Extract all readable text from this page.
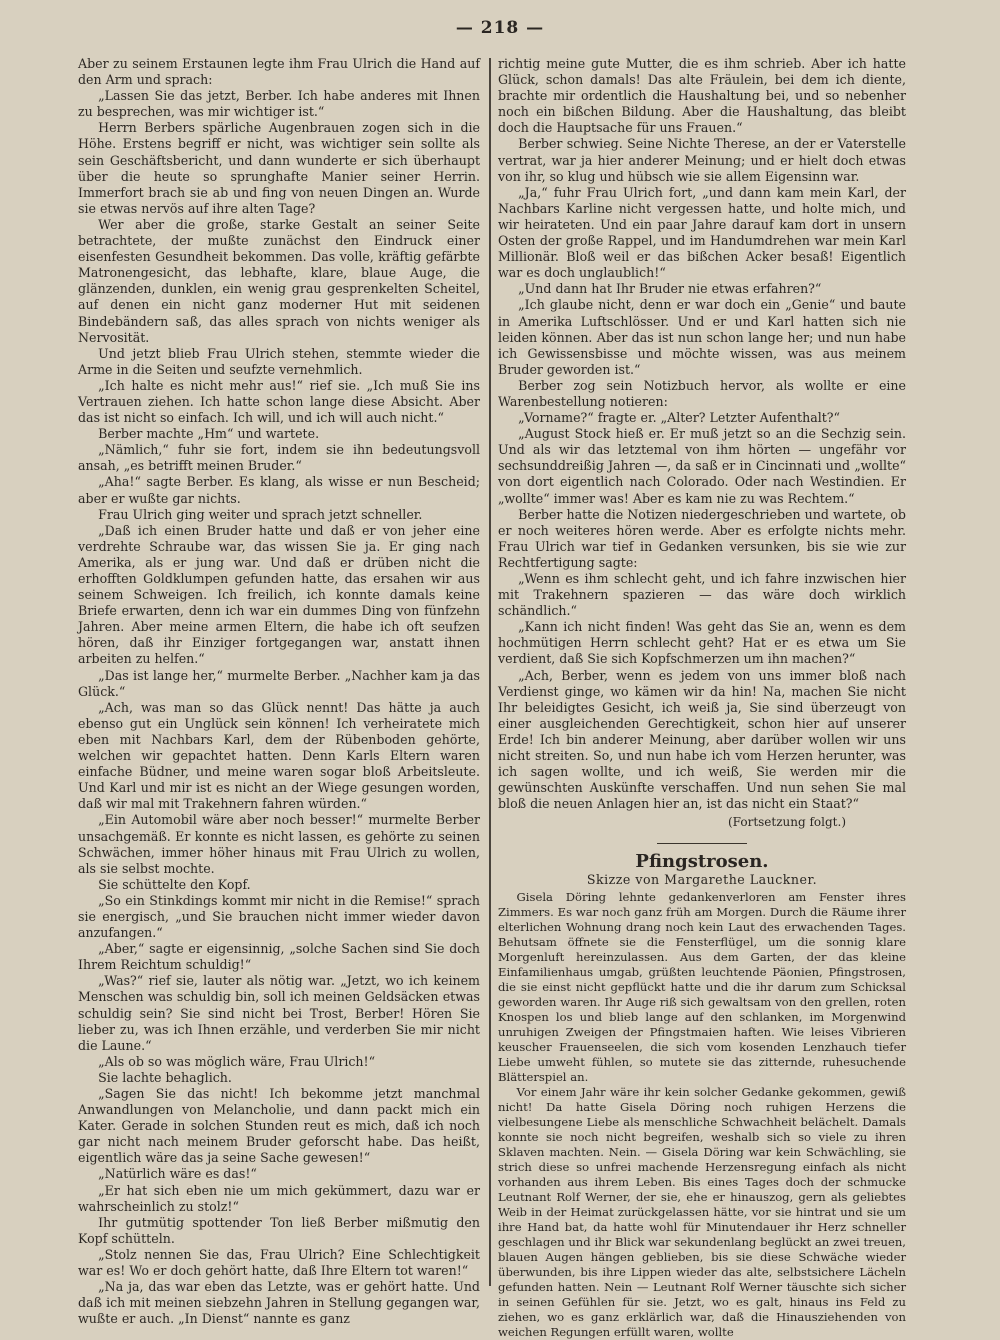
— 218 —

Aber zu seinem Erstaunen legte ihm Frau Ulrich die Hand auf den Arm und sprach:

„Lassen Sie das jetzt, Berber. Ich habe anderes mit Ihnen zu besprechen, was mir wichtiger ist.“

Herrn Berbers spärliche Augenbrauen zogen sich in die Höhe. Erstens begriff er nicht, was wichtiger sein sollte als sein Geschäftsbericht, und dann wunderte er sich überhaupt über die heute so sprunghafte Manier seiner Herrin. Immerfort brach sie ab und fing von neuen Dingen an. Wurde sie etwas nervös auf ihre alten Tage?

Wer aber die große, starke Gestalt an seiner Seite betrachtete, der mußte zunächst den Eindruck einer eisenfesten Gesundheit bekommen. Das volle, kräftig gefärbte Matronengesicht, das lebhafte, klare, blaue Auge, die glänzenden, dunklen, ein wenig grau gesprenkelten Scheitel, auf denen ein nicht ganz moderner Hut mit seidenen Bindebändern saß, das alles sprach von nichts weniger als Nervosität.

Und jetzt blieb Frau Ulrich stehen, stemmte wieder die Arme in die Seiten und seufzte vernehmlich.

„Ich halte es nicht mehr aus!“ rief sie. „Ich muß Sie ins Vertrauen ziehen. Ich hatte schon lange diese Absicht. Aber das ist nicht so einfach. Ich will, und ich will auch nicht.“

Berber machte „Hm“ und wartete.

„Nämlich,“ fuhr sie fort, indem sie ihn bedeutungsvoll ansah, „es betrifft meinen Bruder.“

„Aha!“ sagte Berber. Es klang, als wisse er nun Bescheid; aber er wußte gar nichts.

Frau Ulrich ging weiter und sprach jetzt schneller.

„Daß ich einen Bruder hatte und daß er von jeher eine verdrehte Schraube war, das wissen Sie ja. Er ging nach Amerika, als er jung war. Und daß er drüben nicht die erhofften Goldklumpen gefunden hatte, das ersahen wir aus seinem Schweigen. Ich freilich, ich konnte damals keine Briefe erwarten, denn ich war ein dummes Ding von fünfzehn Jahren. Aber meine armen Eltern, die habe ich oft seufzen hören, daß ihr Einziger fortgegangen war, anstatt ihnen arbeiten zu helfen.“

„Das ist lange her,“ murmelte Berber. „Nachher kam ja das Glück.“

„Ach, was man so das Glück nennt! Das hätte ja auch ebenso gut ein Unglück sein können! Ich verheiratete mich eben mit Nachbars Karl, dem der Rübenboden gehörte, welchen wir gepachtet hatten. Denn Karls Eltern waren einfache Büdner, und meine waren sogar bloß Arbeitsleute. Und Karl und mir ist es nicht an der Wiege gesungen worden, daß wir mal mit Trakehnern fahren würden.“

„Ein Automobil wäre aber noch besser!“ murmelte Berber unsachgemäß. Er konnte es nicht lassen, es gehörte zu seinen Schwächen, immer höher hinaus mit Frau Ulrich zu wollen, als sie selbst mochte.

Sie schüttelte den Kopf.

„So ein Stinkdings kommt mir nicht in die Remise!“ sprach sie energisch, „und Sie brauchen nicht immer wieder davon anzufangen.“

„Aber,“ sagte er eigensinnig, „solche Sachen sind Sie doch Ihrem Reichtum schuldig!“

„Was?“ rief sie, lauter als nötig war. „Jetzt, wo ich keinem Menschen was schuldig bin, soll ich meinen Geldsäcken etwas schuldig sein? Sie sind nicht bei Trost, Berber! Hören Sie lieber zu, was ich Ihnen erzähle, und verderben Sie mir nicht die Laune.“

„Als ob so was möglich wäre, Frau Ulrich!“

Sie lachte behaglich.

„Sagen Sie das nicht! Ich bekomme jetzt manchmal Anwandlungen von Melancholie, und dann packt mich ein Kater. Gerade in solchen Stunden reut es mich, daß ich noch gar nicht nach meinem Bruder geforscht habe. Das heißt, eigentlich wäre das ja seine Sache gewesen!“

„Natürlich wäre es das!“

„Er hat sich eben nie um mich gekümmert, dazu war er wahrscheinlich zu stolz!“

Ihr gutmütig spottender Ton ließ Berber mißmutig den Kopf schütteln.

„Stolz nennen Sie das, Frau Ulrich? Eine Schlechtigkeit war es! Wo er doch gehört hatte, daß Ihre Eltern tot waren!“

„Na ja, das war eben das Letzte, was er gehört hatte. Und daß ich mit meinen siebzehn Jahren in Stellung gegangen war, wußte er auch. „In Dienst“ nannte es ganz

richtig meine gute Mutter, die es ihm schrieb. Aber ich hatte Glück, schon damals! Das alte Fräulein, bei dem ich diente, brachte mir ordentlich die Haushaltung bei, und so nebenher noch ein bißchen Bildung. Aber die Haushaltung, das bleibt doch die Hauptsache für uns Frauen.“

Berber schwieg. Seine Nichte Therese, an der er Vaterstelle vertrat, war ja hier anderer Meinung; und er hielt doch etwas von ihr, so klug und hübsch wie sie allem Eigensinn war.

„Ja,“ fuhr Frau Ulrich fort, „und dann kam mein Karl, der Nachbars Karline nicht vergessen hatte, und holte mich, und wir heirateten. Und ein paar Jahre darauf kam dort in unsern Osten der große Rappel, und im Handumdrehen war mein Karl Millionär. Bloß weil er das bißchen Acker besaß! Eigentlich war es doch unglaublich!“

„Und dann hat Ihr Bruder nie etwas erfahren?“

„Ich glaube nicht, denn er war doch ein „Genie“ und baute in Amerika Luftschlösser. Und er und Karl hatten sich nie leiden können. Aber das ist nun schon lange her; und nun habe ich Gewissensbisse und möchte wissen, was aus meinem Bruder geworden ist.“

Berber zog sein Notizbuch hervor, als wollte er eine Warenbestellung notieren:

„Vorname?“ fragte er. „Alter? Letzter Aufenthalt?“

„August Stock hieß er. Er muß jetzt so an die Sechzig sein. Und als wir das letztemal von ihm hörten — ungefähr vor sechsunddreißig Jahren —, da saß er in Cincinnati und „wollte“ von dort eigentlich nach Colorado. Oder nach Westindien. Er „wollte“ immer was! Aber es kam nie zu was Rechtem.“

Berber hatte die Notizen niedergeschrieben und wartete, ob er noch weiteres hören werde. Aber es erfolgte nichts mehr. Frau Ulrich war tief in Gedanken versunken, bis sie wie zur Rechtfertigung sagte:

„Wenn es ihm schlecht geht, und ich fahre inzwischen hier mit Trakehnern spazieren — das wäre doch wirklich schändlich.“

„Kann ich nicht finden! Was geht das Sie an, wenn es dem hochmütigen Herrn schlecht geht? Hat er es etwa um Sie verdient, daß Sie sich Kopfschmerzen um ihn machen?“

„Ach, Berber, wenn es jedem von uns immer bloß nach Verdienst ginge, wo kämen wir da hin! Na, machen Sie nicht Ihr beleidigtes Gesicht, ich weiß ja, Sie sind überzeugt von einer ausgleichenden Gerechtigkeit, schon hier auf unserer Erde! Ich bin anderer Meinung, aber darüber wollen wir uns nicht streiten. So, und nun habe ich vom Herzen herunter, was ich sagen wollte, und ich weiß, Sie werden mir die gewünschten Auskünfte verschaffen. Und nun sehen Sie mal bloß die neuen Anlagen hier an, ist das nicht ein Staat?“

(Fortsetzung folgt.)
Pfingstrosen.
Skizze von Margarethe Lauckner.

Gisela Döring lehnte gedankenverloren am Fenster ihres Zimmers. Es war noch ganz früh am Morgen. Durch die Räume ihrer elterlichen Wohnung drang noch kein Laut des erwachenden Tages. Behutsam öffnete sie die Fensterflügel, um die sonnig klare Morgenluft hereinzulassen. Aus dem Garten, der das kleine Einfamilienhaus umgab, grüßten leuchtende Päonien, Pfingstrosen, die sie einst nicht gepflückt hatte und die ihr darum zum Schicksal geworden waren. Ihr Auge riß sich gewaltsam von den grellen, roten Knospen los und blieb lange auf den schlanken, im Morgenwind unruhigen Zweigen der Pfingstmaien haften. Wie leises Vibrieren keuscher Frauenseelen, die sich vom kosenden Lenzhauch tiefer Liebe umweht fühlen, so mutete sie das zitternde, ruhesuchende Blätterspiel an.

Vor einem Jahr wäre ihr kein solcher Gedanke gekommen, gewiß nicht! Da hatte Gisela Döring noch ruhigen Herzens die vielbesungene Liebe als menschliche Schwachheit belächelt. Damals konnte sie noch nicht begreifen, weshalb sich so viele zu ihren Sklaven machten. Nein. — Gisela Döring war kein Schwächling, sie strich diese so unfrei machende Herzensregung einfach als nicht vorhanden aus ihrem Leben. Bis eines Tages doch der schmucke Leutnant Rolf Werner, der sie, ehe er hinauszog, gern als geliebtes Weib in der Heimat zurückgelassen hätte, vor sie hintrat und sie um ihre Hand bat, da hatte wohl für Minutendauer ihr Herz schneller geschlagen und ihr Blick war sekundenlang beglückt an zwei treuen, blauen Augen hängen geblieben, bis sie diese Schwäche wieder überwunden, bis ihre Lippen wieder das alte, selbstsichere Lächeln gefunden hatten. Nein — Leutnant Rolf Werner täuschte sich sicher in seinen Gefühlen für sie. Jetzt, wo es galt, hinaus ins Feld zu ziehen, wo es ganz erklärlich war, daß die Hinausziehenden von weichen Regungen erfüllt waren, wollte
